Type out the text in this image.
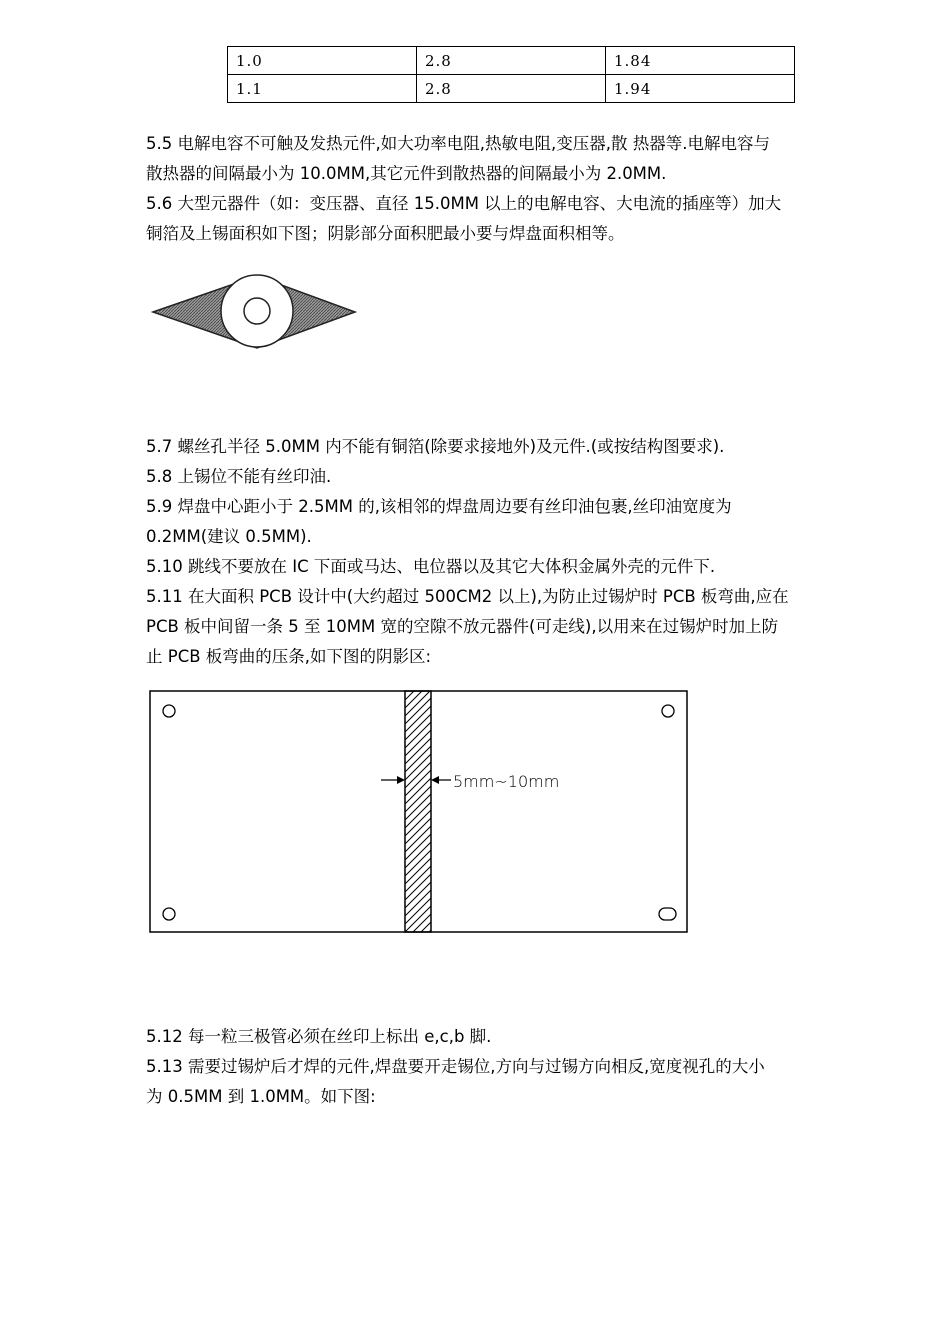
1.0	2.8	1.84
1.1	2.8	1.94
5.5 电解电容不可触及发热元件,如大功率电阻,热敏电阻,变压器,散 热器等.电解电容与
散热器的间隔最小为 10.0MM,其它元件到散热器的间隔最小为 2.0MM.
5.6 大型元器件（如：变压器、直径 15.0MM 以上的电解电容、大电流的插座等）加大
铜箔及上锡面积如下图；阴影部分面积肥最小要与焊盘面积相等。
5.7 螺丝孔半径 5.0MM 内不能有铜箔(除要求接地外)及元件.(或按结构图要求).
5.8 上锡位不能有丝印油.
5.9 焊盘中心距小于 2.5MM 的,该相邻的焊盘周边要有丝印油包裹,丝印油宽度为
0.2MM(建议 0.5MM).
5.10 跳线不要放在 IC 下面或马达、电位器以及其它大体积金属外壳的元件下.
5.11 在大面积 PCB 设计中(大约超过 500CM2 以上),为防止过锡炉时 PCB 板弯曲,应在
PCB 板中间留一条 5 至 10MM 宽的空隙不放元器件(可走线),以用来在过锡炉时加上防
止 PCB 板弯曲的压条,如下图的阴影区:
5mm~10mm
5.12 每一粒三极管必须在丝印上标出 e,c,b 脚.
5.13 需要过锡炉后才焊的元件,焊盘要开走锡位,方向与过锡方向相反,宽度视孔的大小
为 0.5MM 到 1.0MM。如下图:
